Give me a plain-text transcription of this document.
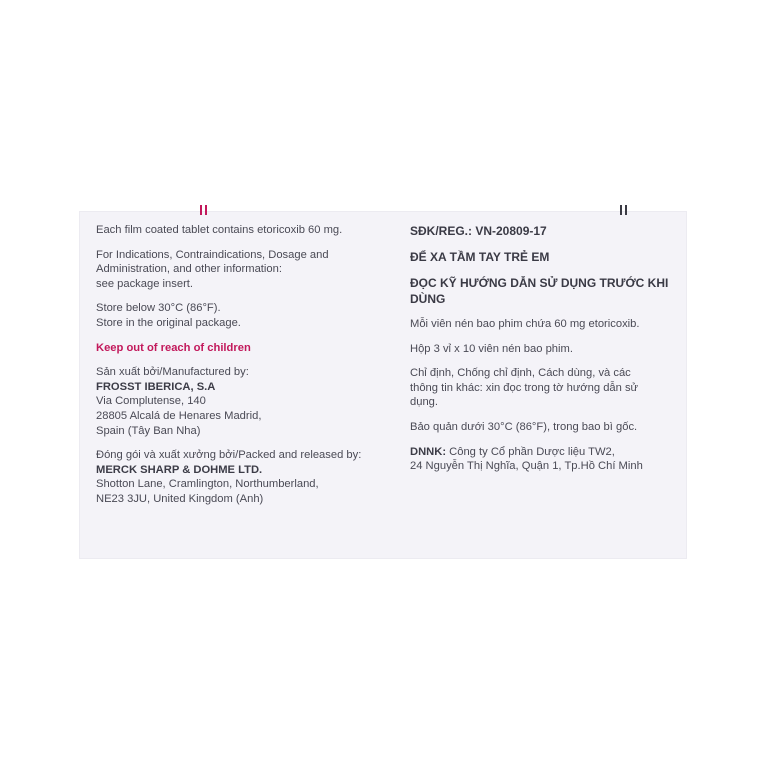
Each film coated tablet contains etoricoxib 60 mg.

For Indications, Contraindications, Dosage and
Administration, and other information:
see package insert.

Store below 30°C (86°F).
Store in the original package.

Keep out of reach of children

Sản xuất bởi/Manufactured by:
FROSST IBERICA, S.A
Via Complutense, 140
28805 Alcalá de Henares Madrid,
Spain (Tây Ban Nha)

Đóng gói và xuất xưởng bởi/Packed and released by:
MERCK SHARP & DOHME LTD.
Shotton Lane, Cramlington, Northumberland,
NE23 3JU, United Kingdom (Anh)

SĐK/REG.: VN-20809-17

ĐỂ XA TẦM TAY TRẺ EM

ĐỌC KỸ HƯỚNG DẪN SỬ DỤNG TRƯỚC KHI
DÙNG

Mỗi viên nén bao phim chứa 60 mg etoricoxib.

Hộp 3 vỉ x 10 viên nén bao phim.

Chỉ định, Chống chỉ định, Cách dùng, và các
thông tin khác: xin đọc trong tờ hướng dẫn sử
dụng.

Bảo quản dưới 30°C (86°F), trong bao bì gốc.

DNNK: Công ty Cổ phần Dược liệu TW2,
24 Nguyễn Thị Nghĩa, Quận 1, Tp.Hồ Chí Minh
